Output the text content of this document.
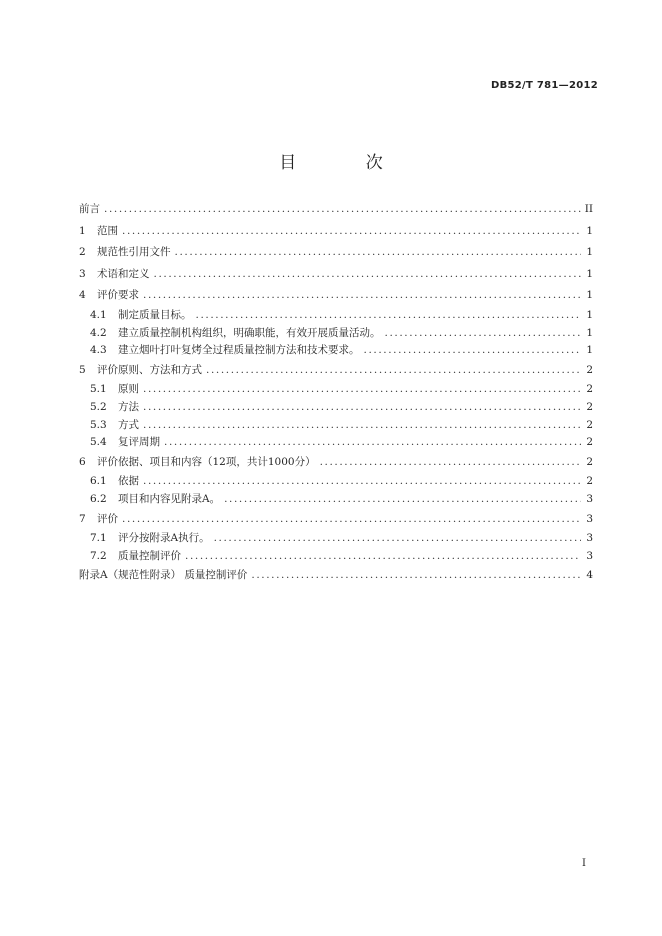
DB52/T 781—2012
目 次
前言 .....	II
1 范围 .....	1
2 规范性引用文件 .....	1
3 术语和定义 .....	1
4 评价要求 .....	1
4.1 制定质量目标。 .....	1
4.2 建立质量控制机构组织，明确职能，有效开展质量活动。 .....	1
4.3 建立烟叶打叶复烤全过程质量控制方法和技术要求。 .....	1
5 评价原则、方法和方式 .....	2
5.1 原则 .....	2
5.2 方法 .....	2
5.3 方式 .....	2
5.4 复评周期 .....	2
6 评价依据、项目和内容（12项，共计1000分） .....	2
6.1 依据 .....	2
6.2 项目和内容见附录A。 .....	3
7 评价 .....	3
7.1 评分按附录A执行。 .....	3
7.2 质量控制评价 .....	3
附录A（规范性附录） 质量控制评价 .....	4
I
